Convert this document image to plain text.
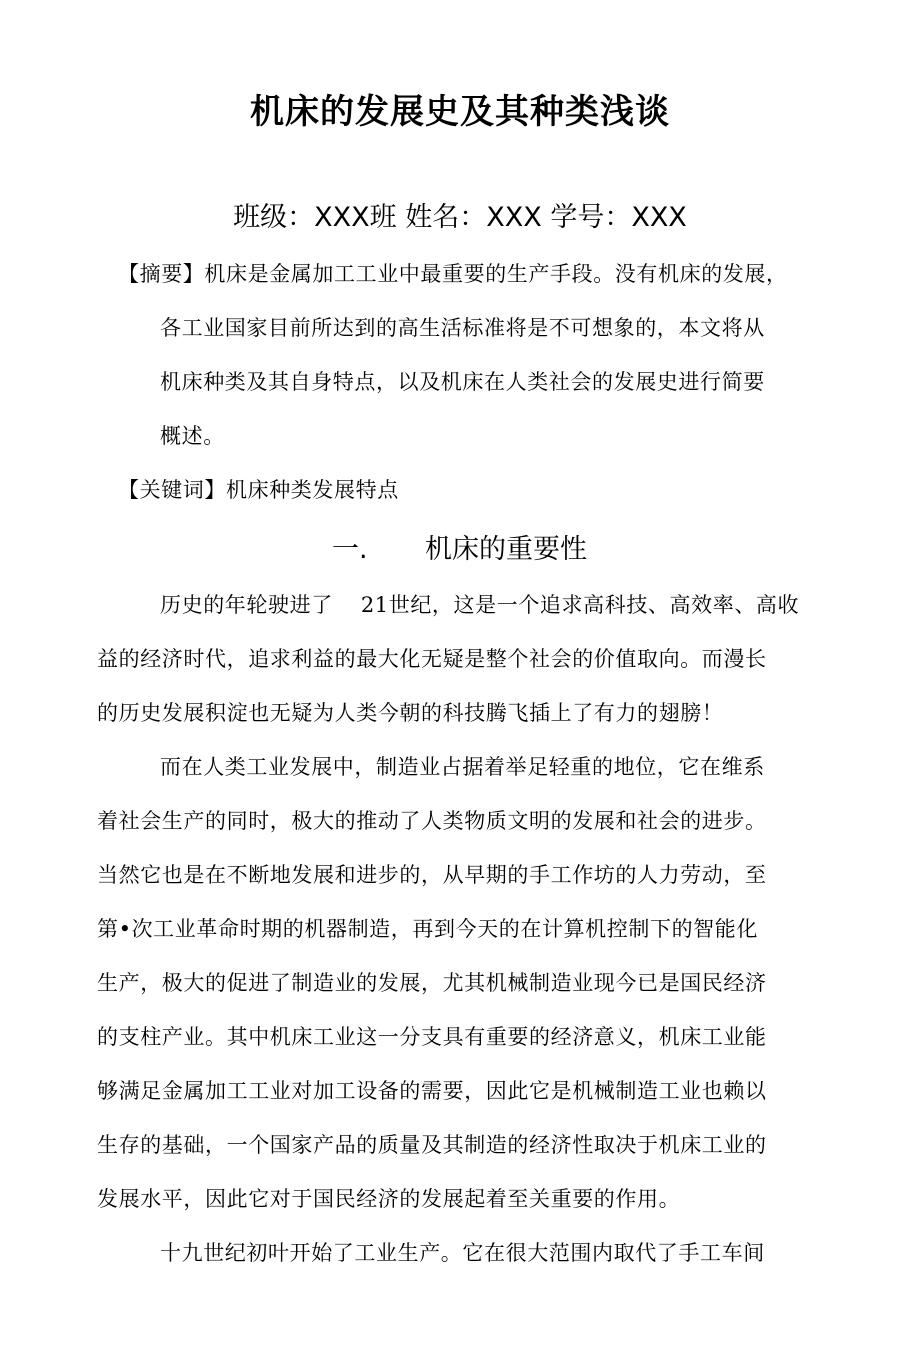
机床的发展史及其种类浅谈
班级：XXX班 姓名：XXX 学号：XXX

【摘要】机床是金属加工工业中最重要的生产手段。没有机床的发展，

各工业国家目前所达到的高生活标准将是不可想象的，本文将从

机床种类及其自身特点，以及机床在人类社会的发展史进行简要

概述。

【关键词】机床种类发展特点

一. 机床的重要性

历史的年轮驶进了 21世纪，这是一个追求高科技、高效率、高收

益的经济时代，追求利益的最大化无疑是整个社会的价值取向。而漫长

的历史发展积淀也无疑为人类今朝的科技腾飞插上了有力的翅膀！

而在人类工业发展中，制造业占据着举足轻重的地位，它在维系

着社会生产的同时，极大的推动了人类物质文明的发展和社会的进步。

当然它也是在不断地发展和进步的，从早期的手工作坊的人力劳动，至

第•次工业革命时期的机器制造，再到今天的在计算机控制下的智能化

生产，极大的促进了制造业的发展，尤其机械制造业现今已是国民经济

的支柱产业。其中机床工业这一分支具有重要的经济意义，机床工业能

够满足金属加工工业对加工设备的需要，因此它是机械制造工业也赖以

生存的基础，一个国家产品的质量及其制造的经济性取决于机床工业的

发展水平，因此它对于国民经济的发展起着至关重要的作用。

十九世纪初叶开始了工业生产。它在很大范围内取代了手工车间
